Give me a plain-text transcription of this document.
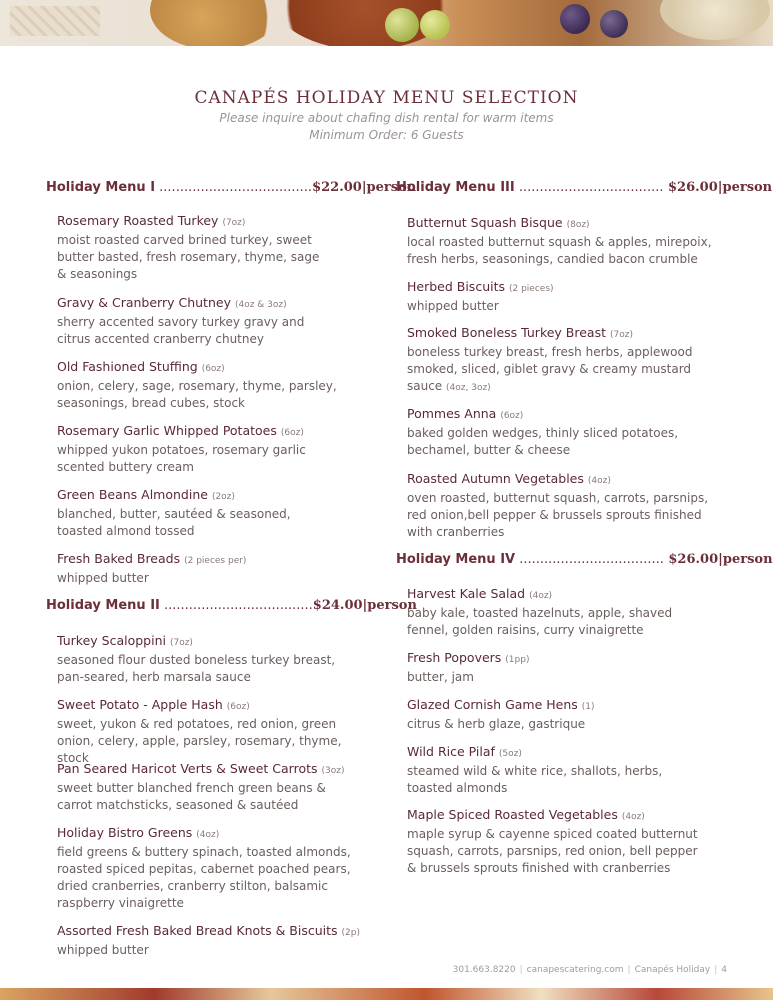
CANAPÉS HOLIDAY MENU SELECTION
Please inquire about chafing dish rental for warm items
Minimum Order: 6 Guests
Holiday Menu I .....................................$22.00|person
Rosemary Roasted Turkey (7oz)
moist roasted carved brined turkey, sweet butter basted, fresh rosemary, thyme, sage & seasonings
Gravy & Cranberry Chutney (4oz & 3oz)
sherry accented savory turkey gravy and citrus accented cranberry chutney
Old Fashioned Stuffing (6oz)
onion, celery, sage, rosemary, thyme, parsley, seasonings, bread cubes, stock
Rosemary Garlic Whipped Potatoes (6oz)
whipped yukon potatoes, rosemary garlic scented buttery cream
Green Beans Almondine (2oz)
blanched, butter, sautéed & seasoned, toasted almond tossed
Fresh Baked Breads (2 pieces per)
whipped butter
Holiday Menu II ....................................$24.00|person
Turkey Scaloppini (7oz)
seasoned flour dusted boneless turkey breast, pan-seared, herb marsala sauce
Sweet Potato - Apple Hash (6oz)
sweet, yukon & red potatoes, red onion, green onion, celery, apple, parsley, rosemary, thyme, stock
Pan Seared Haricot Verts & Sweet Carrots (3oz)
sweet butter blanched french green beans & carrot matchsticks, seasoned & sautéed
Holiday Bistro Greens (4oz)
field greens & buttery spinach, toasted almonds, roasted spiced pepitas, cabernet poached pears, dried cranberries, cranberry stilton, balsamic raspberry vinaigrette
Assorted Fresh Baked Bread Knots & Biscuits (2p)
whipped butter
Holiday Menu III ................................... $26.00|person
Butternut Squash Bisque (8oz)
local roasted butternut squash & apples, mirepoix, fresh herbs, seasonings, candied bacon crumble
Herbed Biscuits (2 pieces)
whipped butter
Smoked Boneless Turkey Breast (7oz)
boneless turkey breast, fresh herbs, applewood smoked, sliced, giblet gravy & creamy mustard sauce (4oz, 3oz)
Pommes Anna (6oz)
baked golden wedges, thinly sliced potatoes, bechamel, butter & cheese
Roasted Autumn Vegetables (4oz)
oven roasted, butternut squash, carrots, parsnips, red onion,bell pepper & brussels sprouts finished with cranberries
Holiday Menu IV ................................... $26.00|person
Harvest Kale Salad (4oz)
baby kale, toasted hazelnuts, apple, shaved fennel, golden raisins, curry vinaigrette
Fresh Popovers (1pp)
butter, jam
Glazed Cornish Game Hens (1)
citrus & herb glaze, gastrique
Wild Rice Pilaf (5oz)
steamed wild & white rice, shallots, herbs, toasted almonds
Maple Spiced Roasted Vegetables (4oz)
maple syrup & cayenne spiced coated butternut squash, carrots, parsnips, red onion, bell pepper & brussels sprouts finished with cranberries
301.663.8220 | canapescatering.com | Canapés Holiday | 4
